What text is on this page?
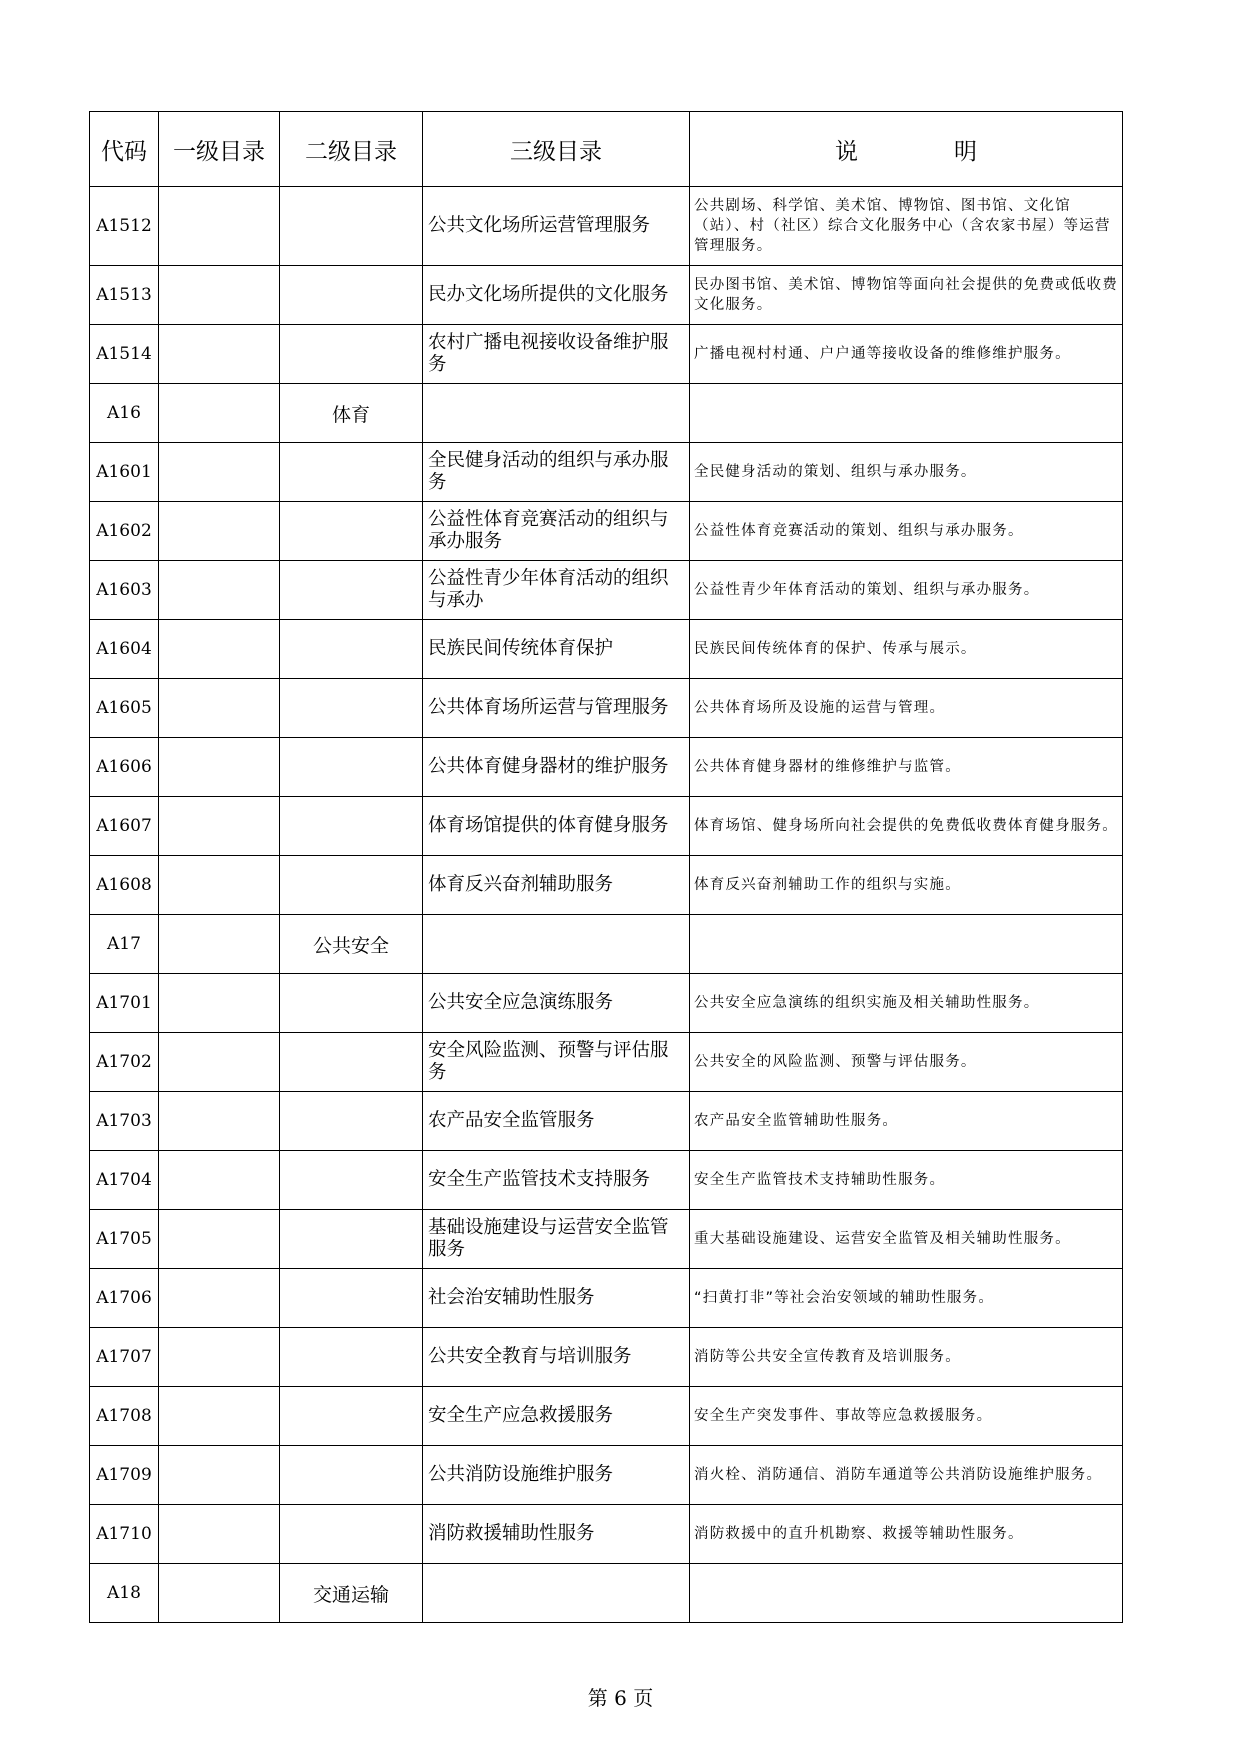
代码	一级目录	二级目录	三级目录	说 明
A1512			公共文化场所运营管理服务	公共剧场、科学馆、美术馆、博物馆、图书馆、文化馆（站）、村（社区）综合文化服务中心（含农家书屋）等运营管理服务。
A1513			民办文化场所提供的文化服务	民办图书馆、美术馆、博物馆等面向社会提供的免费或低收费文化服务。
A1514			农村广播电视接收设备维护服务	广播电视村村通、户户通等接收设备的维修维护服务。
A16		体育		
A1601			全民健身活动的组织与承办服务	全民健身活动的策划、组织与承办服务。
A1602			公益性体育竞赛活动的组织与承办服务	公益性体育竞赛活动的策划、组织与承办服务。
A1603			公益性青少年体育活动的组织与承办	公益性青少年体育活动的策划、组织与承办服务。
A1604			民族民间传统体育保护	民族民间传统体育的保护、传承与展示。
A1605			公共体育场所运营与管理服务	公共体育场所及设施的运营与管理。
A1606			公共体育健身器材的维护服务	公共体育健身器材的维修维护与监管。
A1607			体育场馆提供的体育健身服务	体育场馆、健身场所向社会提供的免费低收费体育健身服务。
A1608			体育反兴奋剂辅助服务	体育反兴奋剂辅助工作的组织与实施。
A17		公共安全		
A1701			公共安全应急演练服务	公共安全应急演练的组织实施及相关辅助性服务。
A1702			安全风险监测、预警与评估服务	公共安全的风险监测、预警与评估服务。
A1703			农产品安全监管服务	农产品安全监管辅助性服务。
A1704			安全生产监管技术支持服务	安全生产监管技术支持辅助性服务。
A1705			基础设施建设与运营安全监管服务	重大基础设施建设、运营安全监管及相关辅助性服务。
A1706			社会治安辅助性服务	“扫黄打非”等社会治安领域的辅助性服务。
A1707			公共安全教育与培训服务	消防等公共安全宣传教育及培训服务。
A1708			安全生产应急救援服务	安全生产突发事件、事故等应急救援服务。
A1709			公共消防设施维护服务	消火栓、消防通信、消防车通道等公共消防设施维护服务。
A1710			消防救援辅助性服务	消防救援中的直升机勘察、救援等辅助性服务。
A18		交通运输		
第 6 页
